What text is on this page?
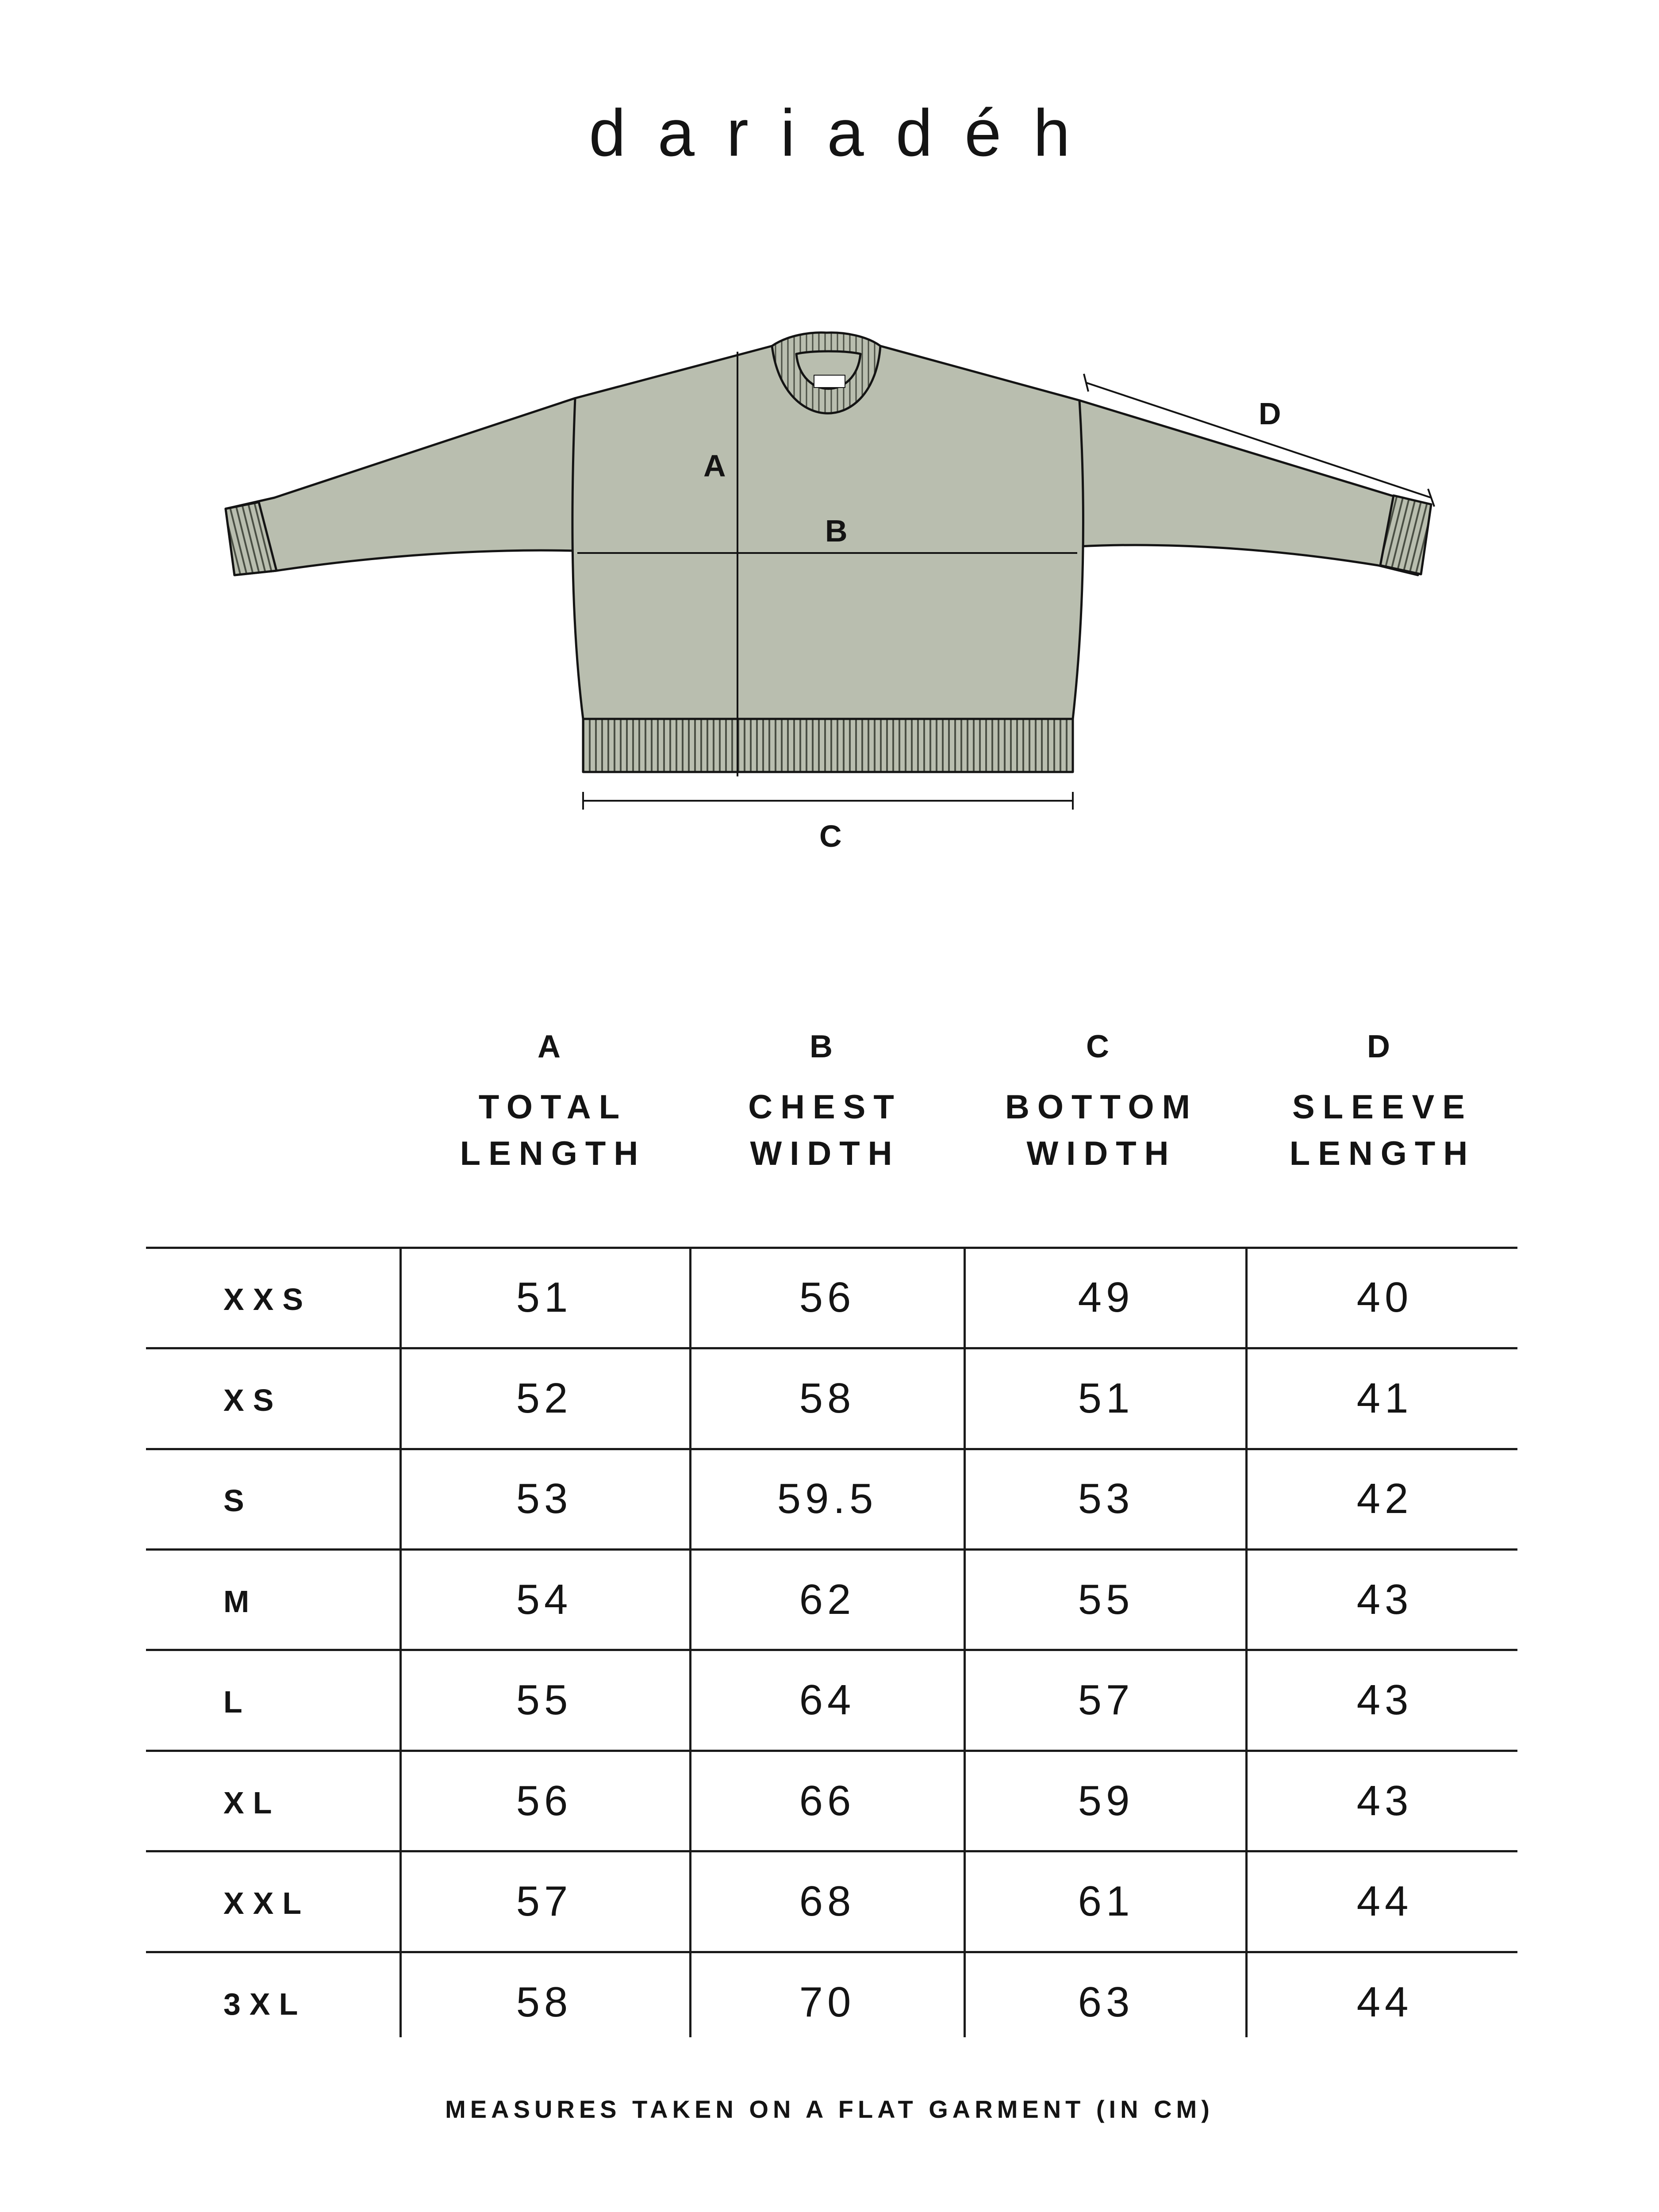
dariadéh
A
B
C
D
A	B	C	D
TOTAL
LENGTH
CHEST
WIDTH
BOTTOM
WIDTH
SLEEVE
LENGTH
XXS	51	56	49	40
XS	52	58	51	41
S	53	59.5	53	42
M	54	62	55	43
L	55	64	57	43
XL	56	66	59	43
XXL	57	68	61	44
3XL	58	70	63	44
MEASURES TAKEN ON A FLAT GARMENT (IN CM)
